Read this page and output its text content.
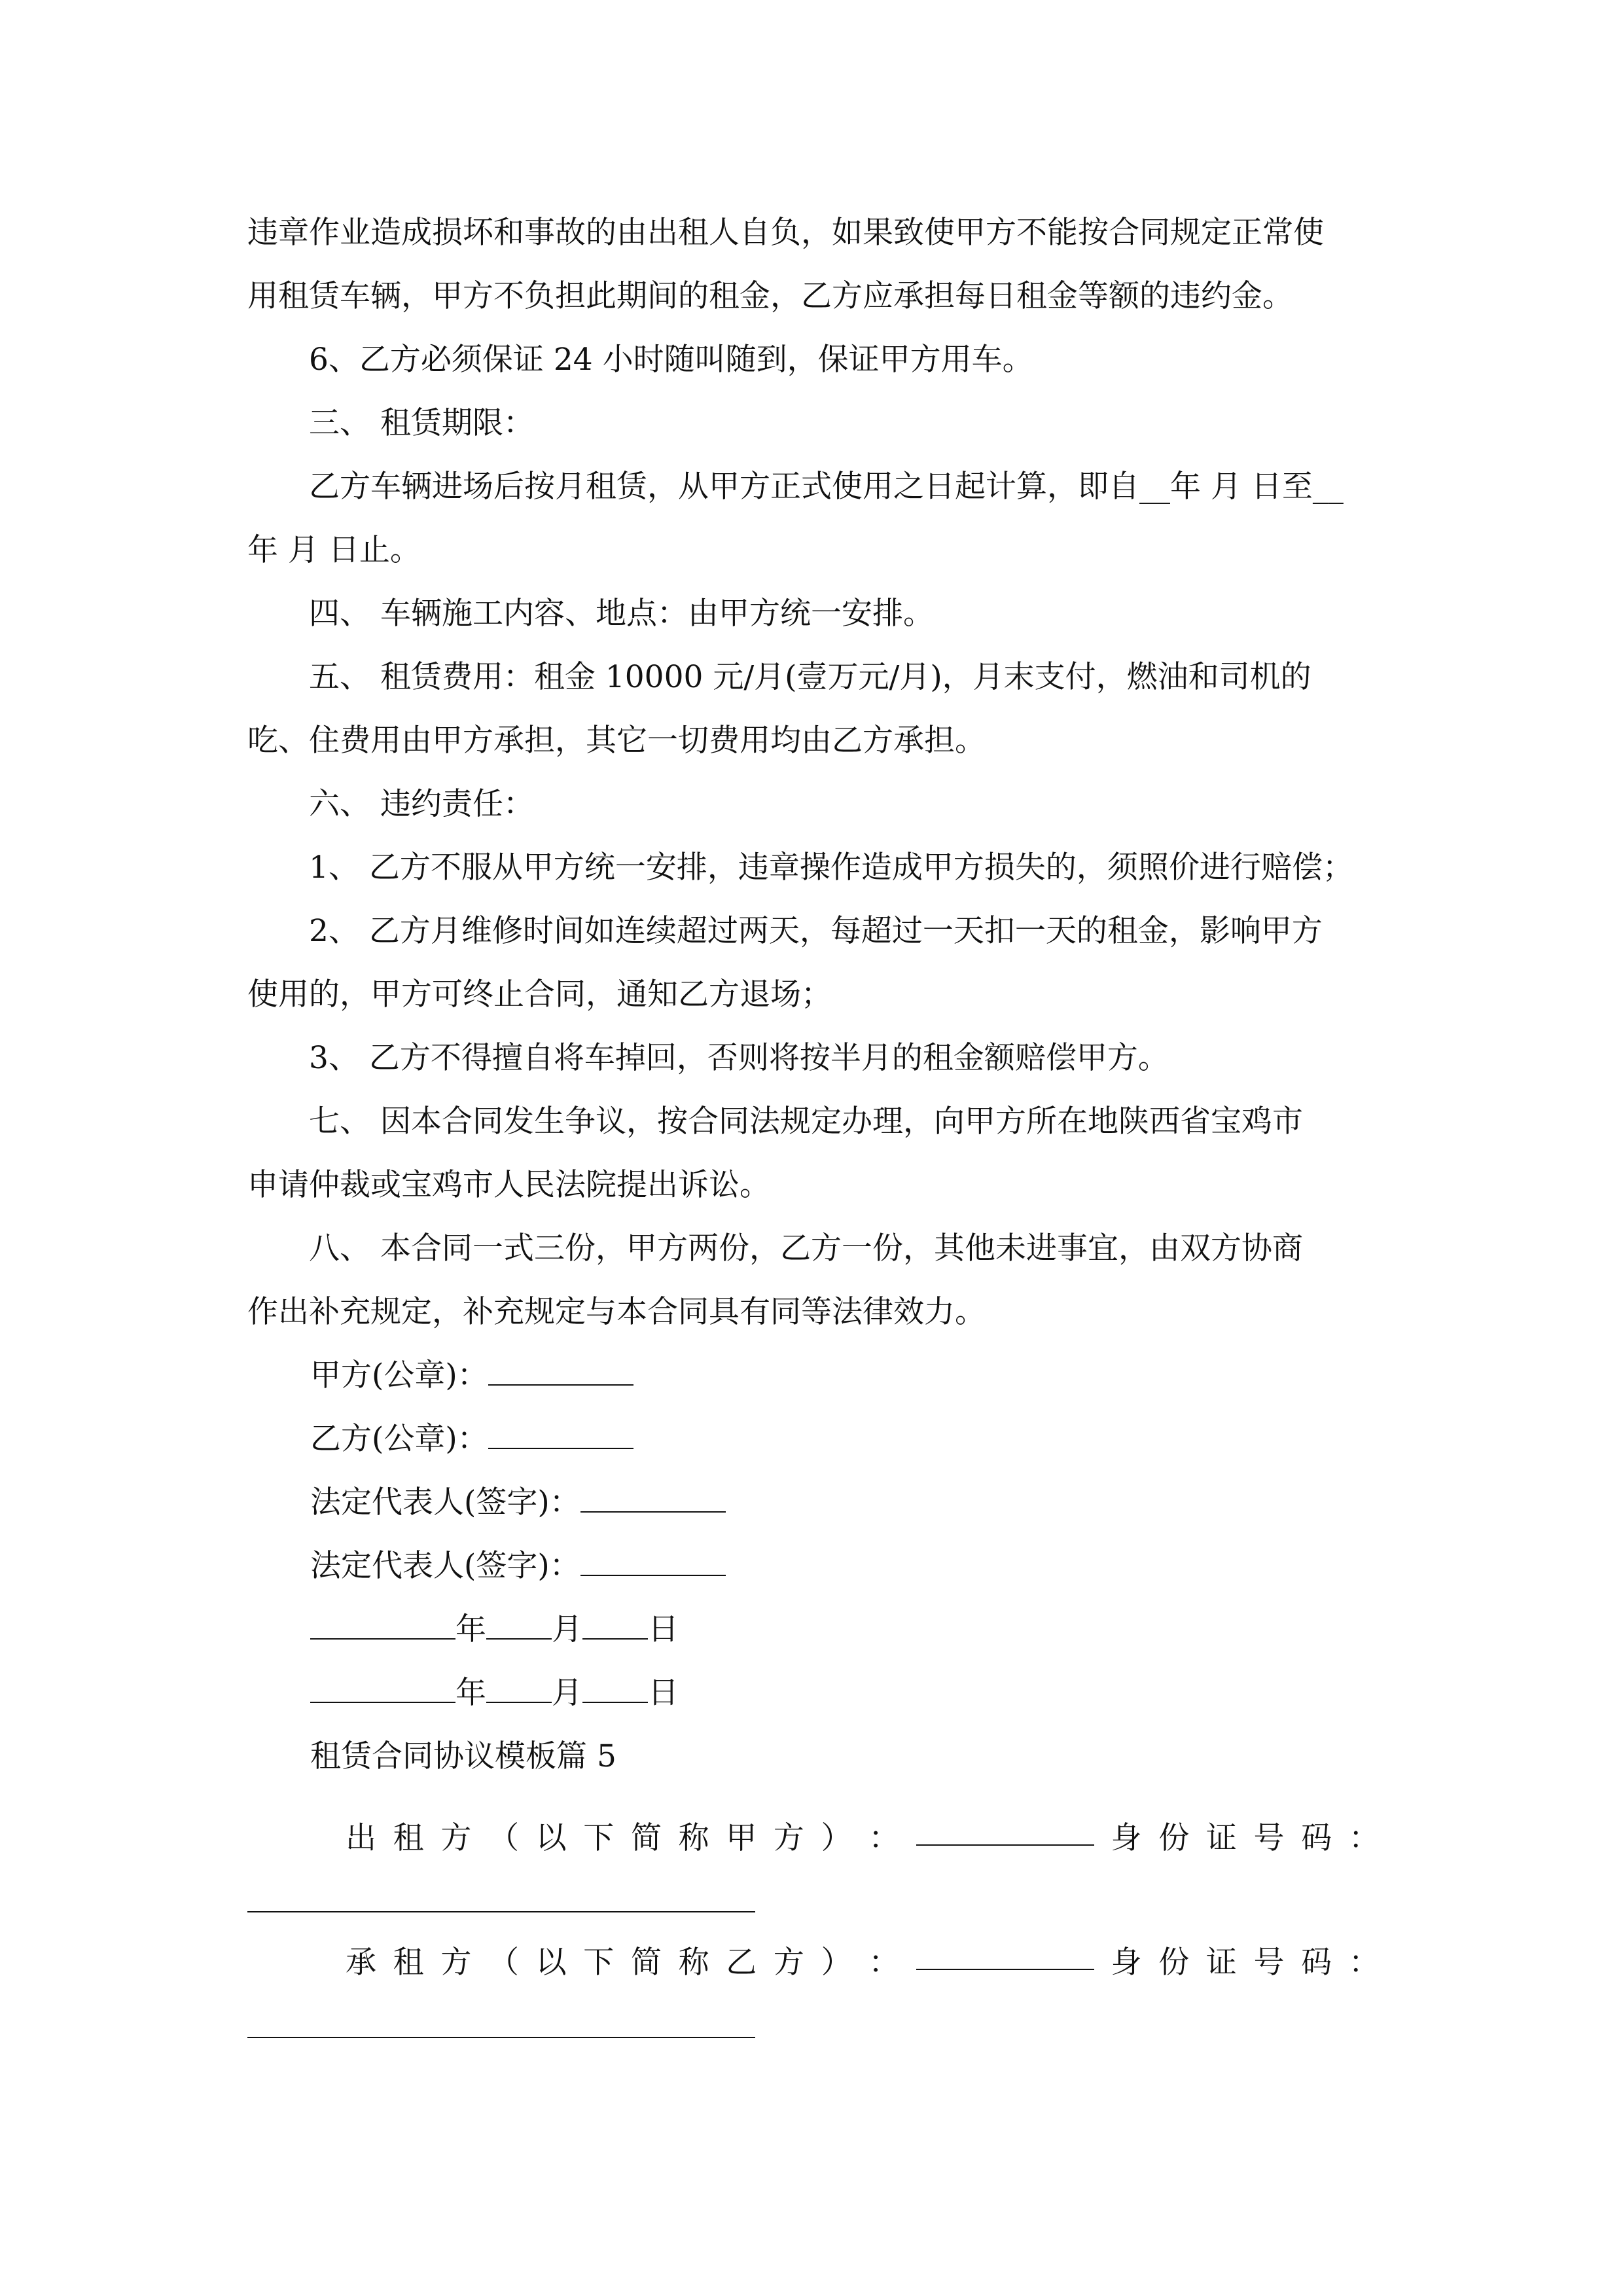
违章作业造成损坏和事故的由出租人自负，如果致使甲方不能按合同规定正常使
用租赁车辆，甲方不负担此期间的租金，乙方应承担每日租金等额的违约金。
6、乙方必须保证 24 小时随叫随到，保证甲方用车。
三、 租赁期限：
乙方车辆进场后按月租赁，从甲方正式使用之日起计算，即自__年 月 日至__
年 月 日止。
四、 车辆施工内容、地点：由甲方统一安排。
五、 租赁费用：租金 10000 元/月(壹万元/月)，月末支付，燃油和司机的
吃、住费用由甲方承担，其它一切费用均由乙方承担。
六、 违约责任：
1、 乙方不服从甲方统一安排，违章操作造成甲方损失的，须照价进行赔偿；
2、 乙方月维修时间如连续超过两天，每超过一天扣一天的租金，影响甲方
使用的，甲方可终止合同，通知乙方退场；
3、 乙方不得擅自将车掉回，否则将按半月的租金额赔偿甲方。
七、 因本合同发生争议，按合同法规定办理，向甲方所在地陕西省宝鸡市
申请仲裁或宝鸡市人民法院提出诉讼。
八、 本合同一式三份，甲方两份，乙方一份，其他未进事宜，由双方协商
作出补充规定，补充规定与本合同具有同等法律效力。
甲方(公章)：
乙方(公章)：
法定代表人(签字)：
法定代表人(签字)：
年 月 日
年 月 日
租赁合同协议模板篇 5
出 租 方 （ 以 下 简 称 甲 方 ） ：	身 份 证 号 码 ：
承 租 方 （ 以 下 简 称 乙 方 ） ：	身 份 证 号 码 ：
